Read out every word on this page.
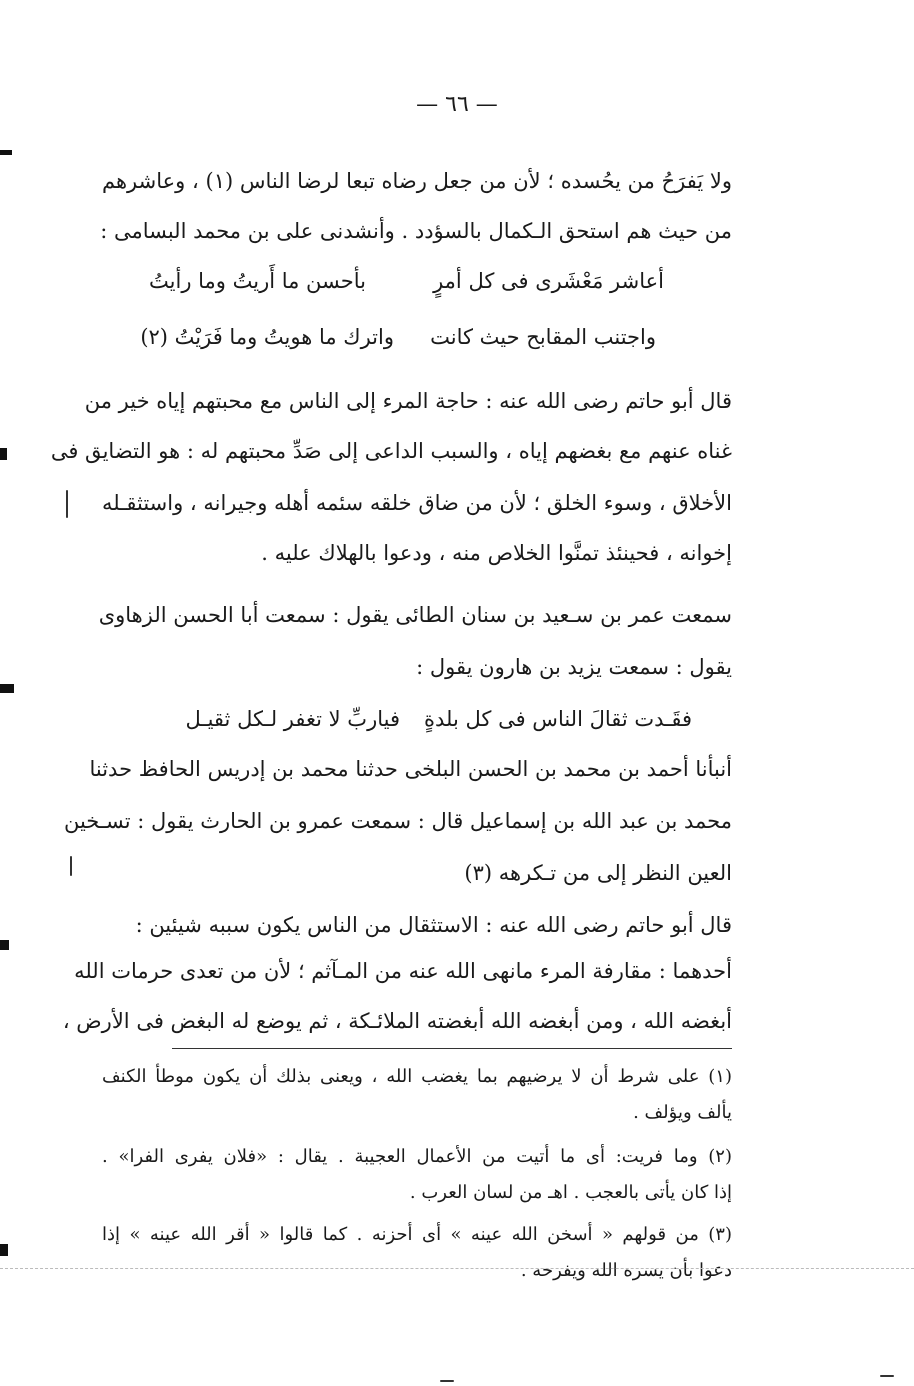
— ٦٦ —
ولا يَفرَحُ من يحُسده ؛ لأن من جعل رضاه تبعا لرضا الناس (١) ، وعاشرهم
من حيث هم استحق الـكمال بالسؤدد . وأنشدنى على بن محمد البسامى :
أعاشر مَعْشَرى فى كل أمرٍ
بأحسن ما أَريتُ وما رأيتُ
واجتنب المقابح حيث كانت
واترك ما هويتُ وما فَرَيْتُ (٢)
قال أبو حاتم رضى الله عنه : حاجة المرء إلى الناس مع محبتهم إياه خير من
غناه عنهم مع بغضهم إياه ، والسبب الداعى إلى صَدِّ محبتهم له : هو التضايق فى
الأخلاق ، وسوء الخلق ؛ لأن من ضاق خلقه سئمه أهله وجيرانه ، واستثقـله
إخوانه ، فحينئذ تمنَّوا الخلاص منه ، ودعوا بالهلاك عليه .
سمعت عمر بن سـعيد بن سنان الطائى يقول : سمعت أبا الحسن الزهاوى
يقول : سمعت يزيد بن هارون يقول :
فقَـدت ثقالَ الناس فى كل بلدةٍ
فياربِّ لا تغفر لـكل ثقيـل
أنبأنا أحمد بن محمد بن الحسن البلخى حدثنا محمد بن إدريس الحافظ حدثنا
محمد بن عبد الله بن إسماعيل قال : سمعت عمرو بن الحارث يقول : تسـخين
العين النظر إلى من تـكرهه (٣)
قال أبو حاتم رضى الله عنه : الاستثقال من الناس يكون سببه شيئين :
أحدهما : مقارفة المرء مانهى الله عنه من المـآثم ؛ لأن من تعدى حرمات الله
أبغضه الله ، ومن أبغضه الله أبغضته الملائـكة ، ثم يوضع له البغض فى الأرض ،
(١) على شرط أن لا يرضيهم بما يغضب الله ، ويعنى بذلك أن يكون موطأ الكنف
يألف ويؤلف .
(٢) وما فريت: أى ما أتيت من الأعمال العجيبة . يقال : «فلان يفرى الفرا» .
إذا كان يأتى بالعجب . اهـ من لسان العرب .
(٣) من قولهم « أسخن الله عينه » أى أحزنه . كما قالوا « أقر الله عينه » إذا
دعوا بأن يسره الله ويفرحه .
